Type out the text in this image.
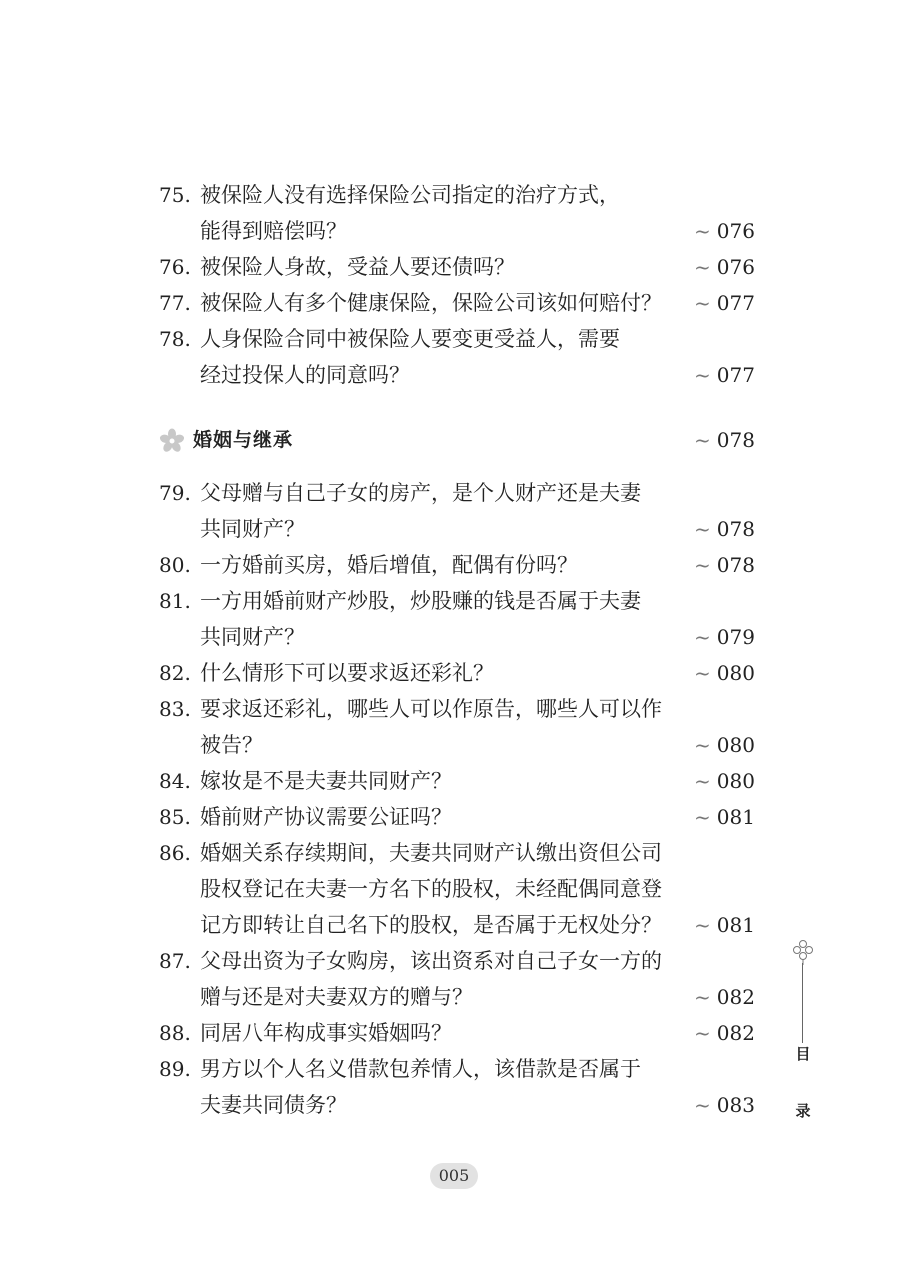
75. 被保险人没有选择保险公司指定的治疗方式，
能得到赔偿吗？	~ 076
76. 被保险人身故，受益人要还债吗？	~ 076
77. 被保险人有多个健康保险，保险公司该如何赔付？ ~ 077
78. 人身保险合同中被保险人要变更受益人，需要
经过投保人的同意吗？	~ 077
79. 父母赠与自己子女的房产，是个人财产还是夫妻
共同财产？	~ 078
80. 一方婚前买房，婚后增值，配偶有份吗？	~ 078
81. 一方用婚前财产炒股，炒股赚的钱是否属于夫妻
共同财产？	~ 079
82. 什么情形下可以要求返还彩礼？	~ 080
83. 要求返还彩礼，哪些人可以作原告，哪些人可以作
被告？	~ 080
84. 嫁妆是不是夫妻共同财产？	~ 080
85. 婚前财产协议需要公证吗？	~ 081
86. 婚姻关系存续期间，夫妻共同财产认缴出资但公司
股权登记在夫妻一方名下的股权，未经配偶同意登
记方即转让自己名下的股权，是否属于无权处分？ ~ 081
87. 父母出资为子女购房，该出资系对自己子女一方的
赠与还是对夫妻双方的赠与？	~ 082
88. 同居八年构成事实婚姻吗？	~ 082
89. 男方以个人名义借款包养情人，该借款是否属于
夫妻共同债务？	~ 083
婚姻与继承	~ 078
目
录
005
